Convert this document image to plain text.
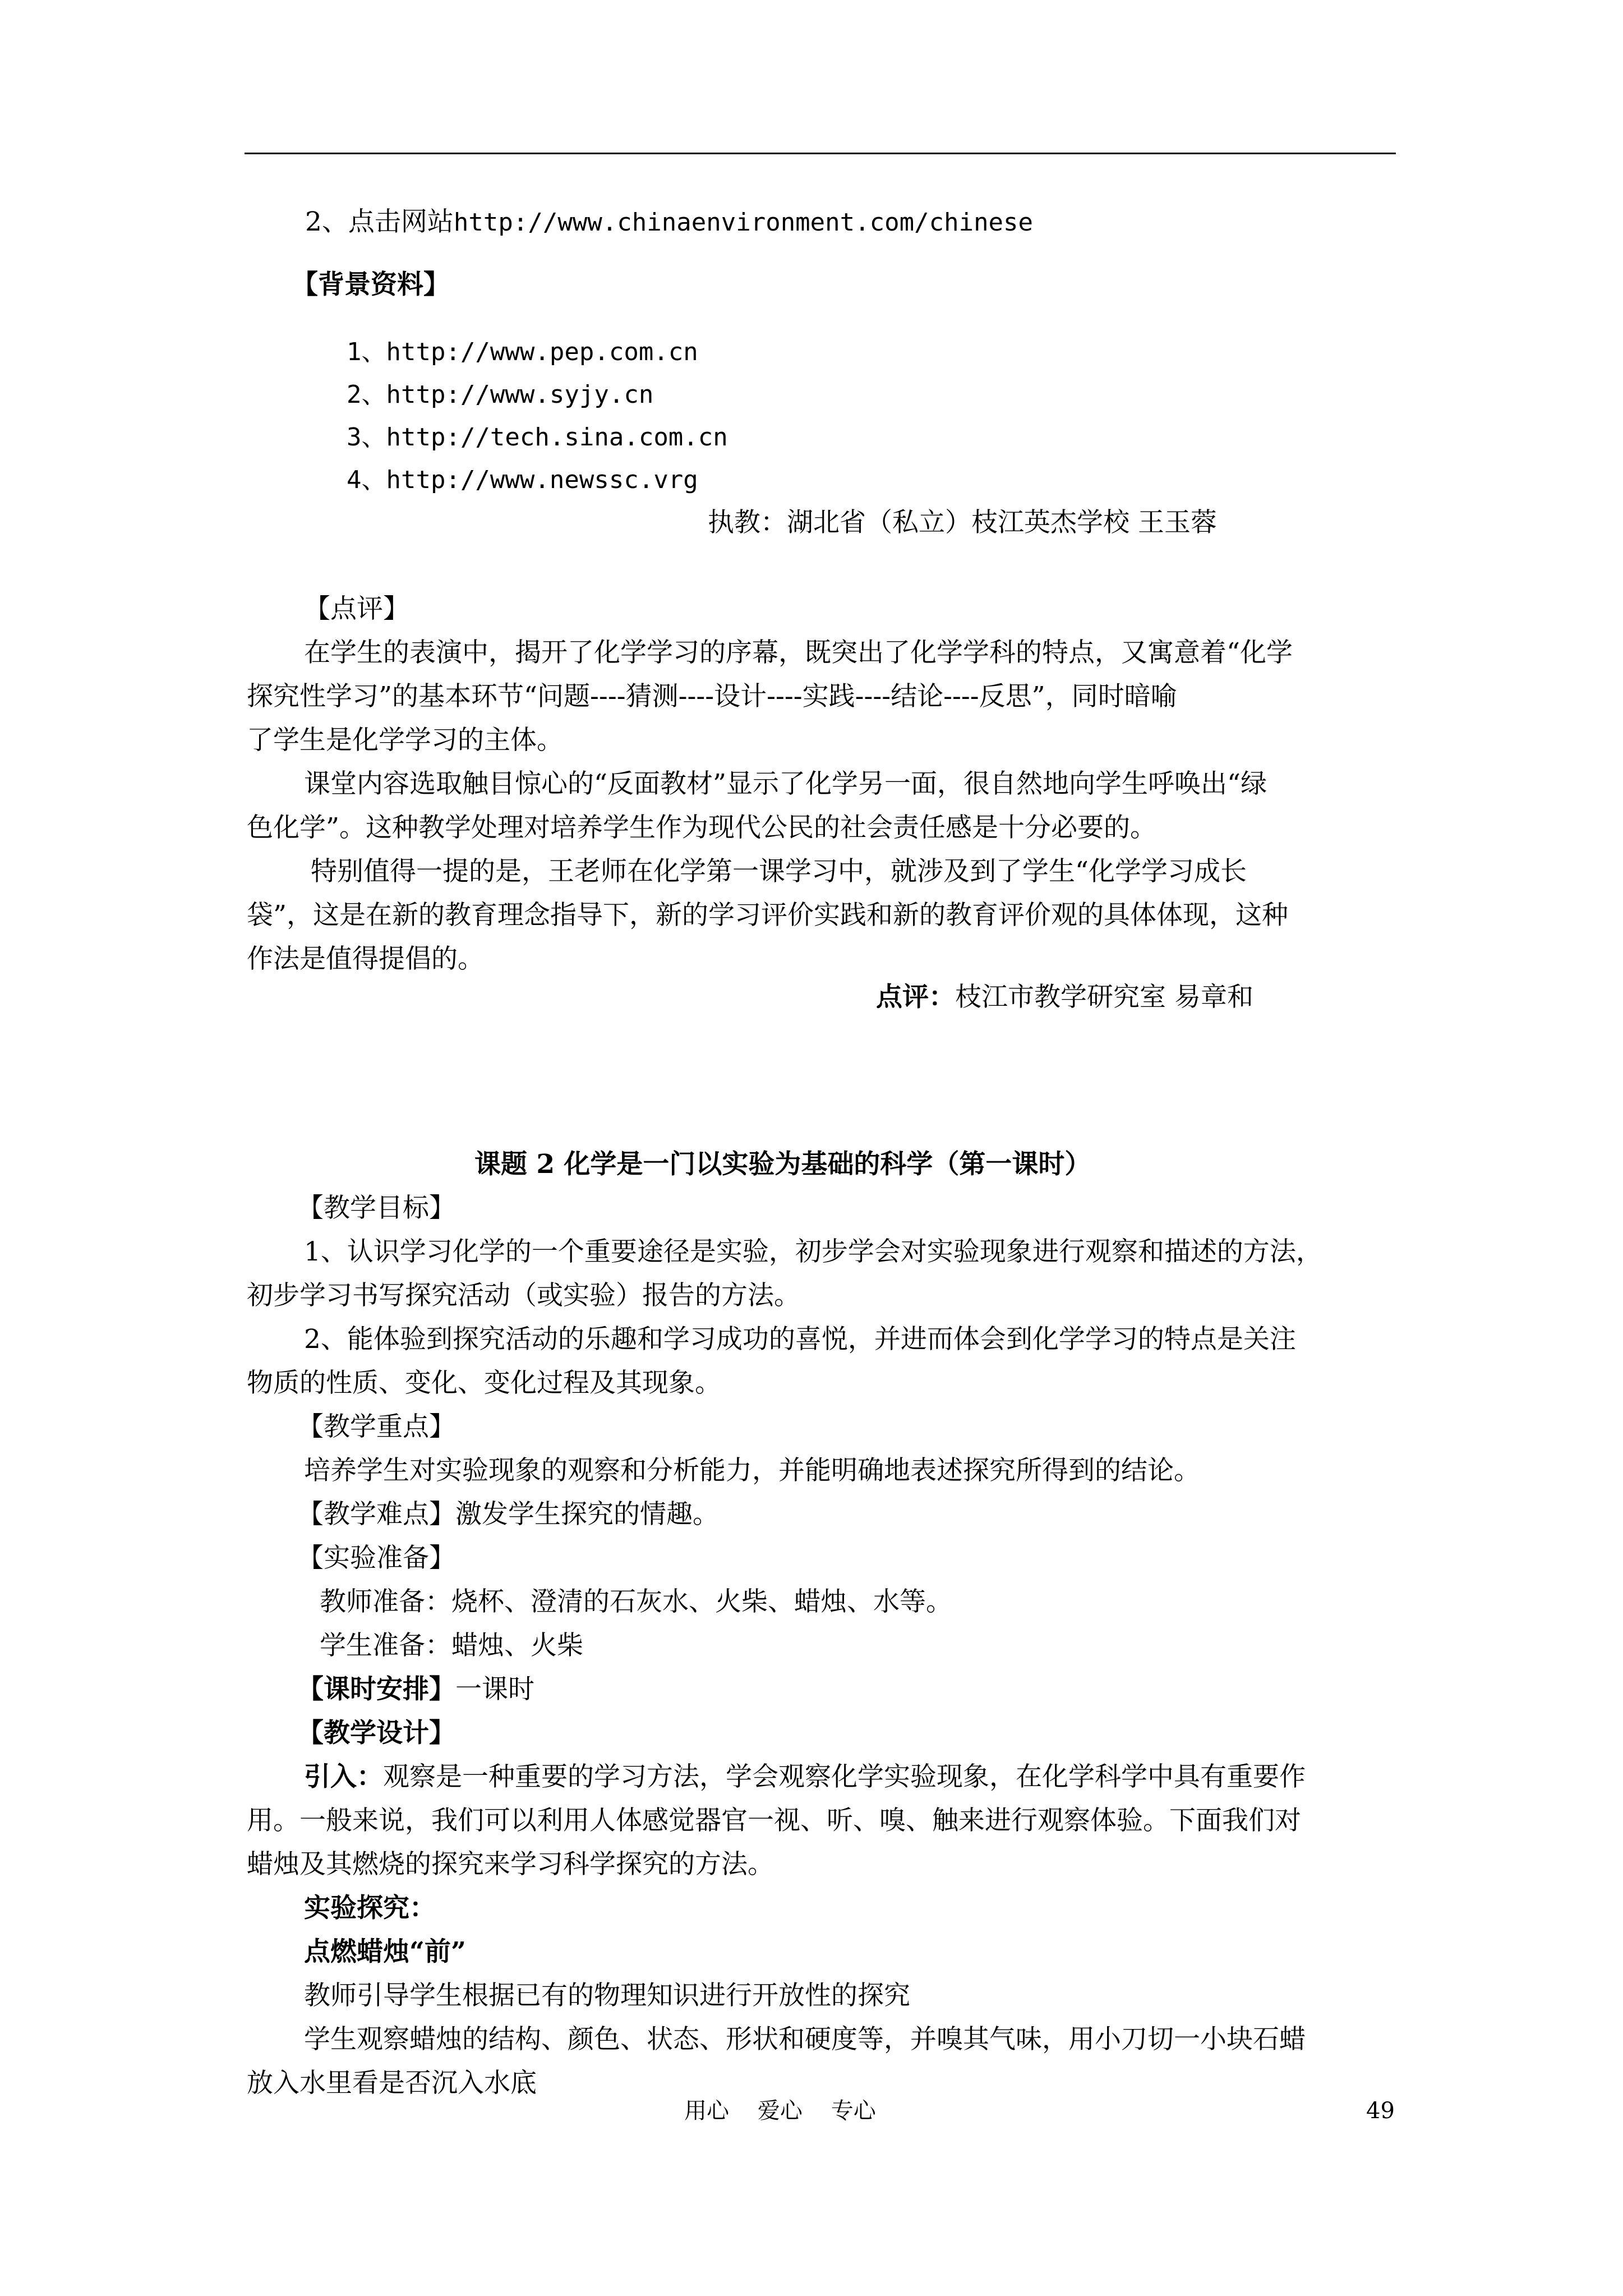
2、点击网站http://www.chinaenvironment.com/chinese
【背景资料】
1、http://www.pep.com.cn
2、http://www.syjy.cn
3、http://tech.sina.com.cn
4、http://www.newssc.vrg
执教：湖北省（私立）枝江英杰学校 王玉蓉
【点评】
在学生的表演中，揭开了化学学习的序幕，既突出了化学学科的特点，又寓意着“化学
探究性学习”的基本环节“问题----猜测----设计----实践----结论----反思”，同时暗喻
了学生是化学学习的主体。
课堂内容选取触目惊心的“反面教材”显示了化学另一面，很自然地向学生呼唤出“绿
色化学”。这种教学处理对培养学生作为现代公民的社会责任感是十分必要的。
特别值得一提的是，王老师在化学第一课学习中，就涉及到了学生“化学学习成长
袋”，这是在新的教育理念指导下，新的学习评价实践和新的教育评价观的具体体现，这种
作法是值得提倡的。
点评：枝江市教学研究室 易章和
课题 2 化学是一门以实验为基础的科学（第一课时）
【教学目标】
1、认识学习化学的一个重要途径是实验，初步学会对实验现象进行观察和描述的方法，
初步学习书写探究活动（或实验）报告的方法。
2、能体验到探究活动的乐趣和学习成功的喜悦，并进而体会到化学学习的特点是关注
物质的性质、变化、变化过程及其现象。
【教学重点】
培养学生对实验现象的观察和分析能力，并能明确地表述探究所得到的结论。
【教学难点】激发学生探究的情趣。
【实验准备】
教师准备：烧杯、澄清的石灰水、火柴、蜡烛、水等。
学生准备：蜡烛、火柴
【课时安排】一课时
【教学设计】
引入：观察是一种重要的学习方法，学会观察化学实验现象，在化学科学中具有重要作
用。一般来说，我们可以利用人体感觉器官一视、听、嗅、触来进行观察体验。下面我们对
蜡烛及其燃烧的探究来学习科学探究的方法。
实验探究：
点燃蜡烛“前”
教师引导学生根据已有的物理知识进行开放性的探究
学生观察蜡烛的结构、颜色、状态、形状和硬度等，并嗅其气味，用小刀切一小块石蜡
放入水里看是否沉入水底
用心    爱心    专心	49
